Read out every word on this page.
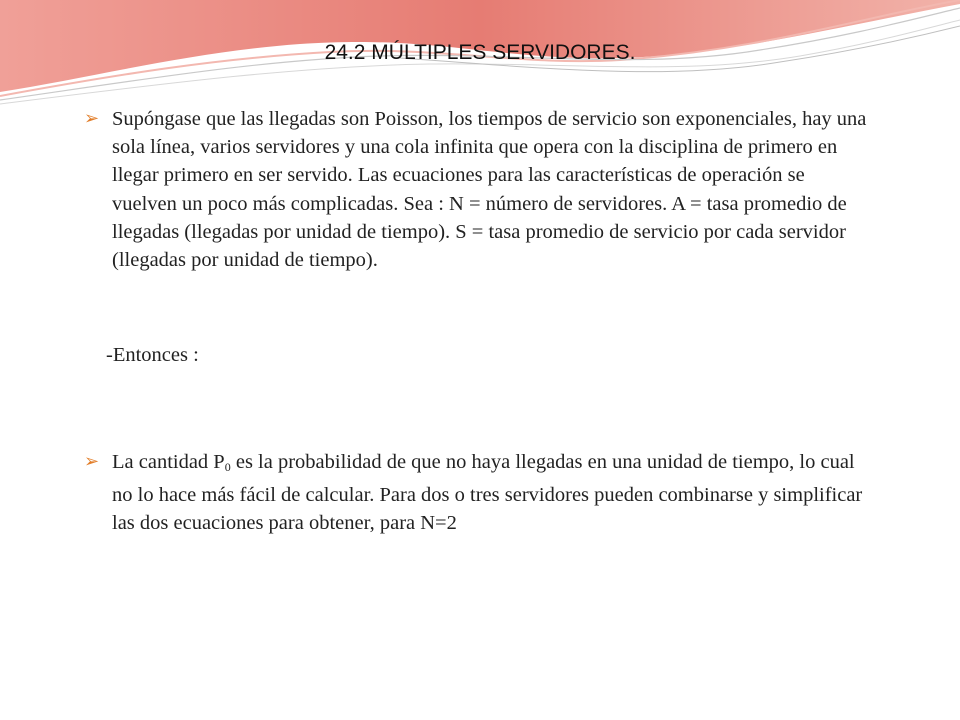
24.2 MÚLTIPLES SERVIDORES.
➢ Supóngase que las llegadas son Poisson, los tiempos de servicio son exponenciales, hay una sola línea, varios servidores y una cola infinita que opera con la disciplina de primero en llegar primero en ser servido. Las ecuaciones para las características de operación se vuelven un poco más complicadas. Sea : N = número de servidores. A = tasa promedio de llegadas (llegadas por unidad de tiempo). S = tasa promedio de servicio por cada servidor (llegadas por unidad de tiempo).
-Entonces :
➢ La cantidad $P_0$ es la probabilidad de que no haya llegadas en una unidad de tiempo, lo cual no lo hace más fácil de calcular. Para dos o tres servidores pueden combinarse y simplificar las dos ecuaciones para obtener, para N=2
